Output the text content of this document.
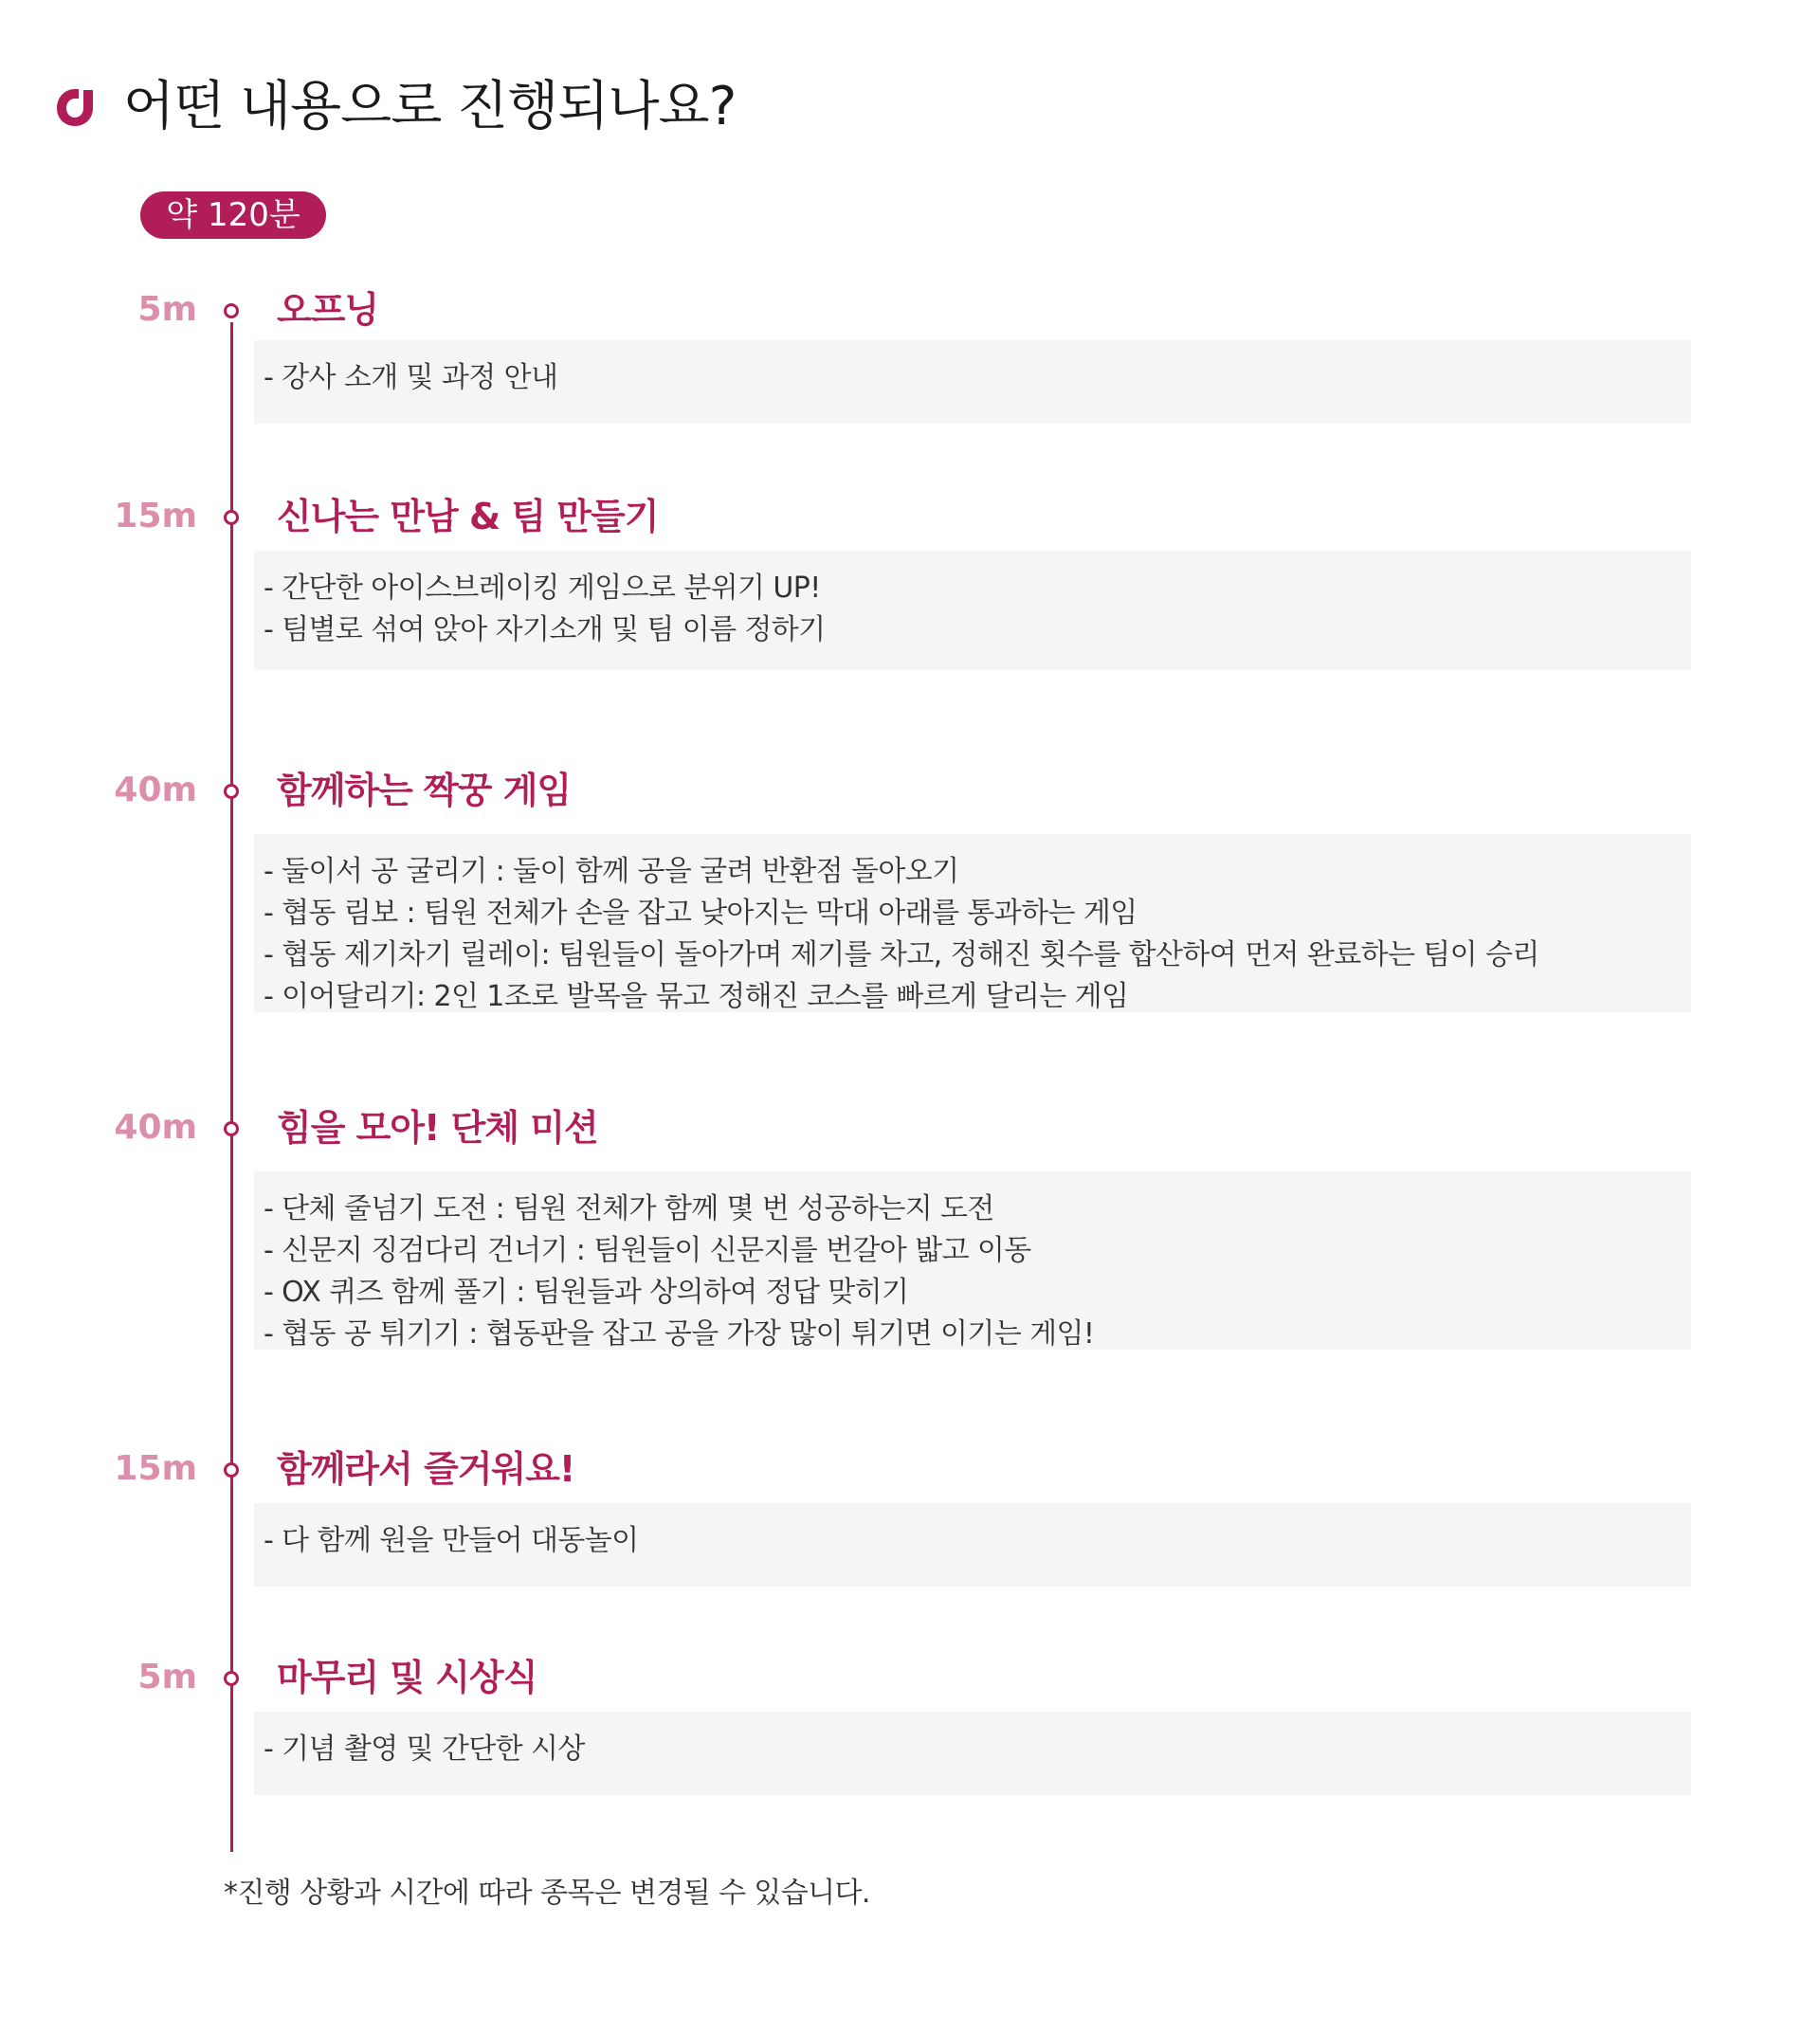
어떤 내용으로 진행되나요?
약 120분
5m 오프닝
- 강사 소개 및 과정 안내
15m 신나는 만남 & 팀 만들기
- 간단한 아이스브레이킹 게임으로 분위기 UP!
- 팀별로 섞여 앉아 자기소개 및 팀 이름 정하기
40m 함께하는 짝꿍 게임
- 둘이서 공 굴리기 : 둘이 함께 공을 굴려 반환점 돌아오기
- 협동 림보 : 팀원 전체가 손을 잡고 낮아지는 막대 아래를 통과하는 게임
- 협동 제기차기 릴레이: 팀원들이 돌아가며 제기를 차고, 정해진 횟수를 합산하여 먼저 완료하는 팀이 승리
- 이어달리기: 2인 1조로 발목을 묶고 정해진 코스를 빠르게 달리는 게임
40m 힘을 모아! 단체 미션
- 단체 줄넘기 도전 : 팀원 전체가 함께 몇 번 성공하는지 도전
- 신문지 징검다리 건너기 : 팀원들이 신문지를 번갈아 밟고 이동
- OX 퀴즈 함께 풀기 : 팀원들과 상의하여 정답 맞히기
- 협동 공 튀기기 : 협동판을 잡고 공을 가장 많이 튀기면 이기는 게임!
15m 함께라서 즐거워요!
- 다 함께 원을 만들어 대동놀이
5m 마무리 및 시상식
- 기념 촬영 및 간단한 시상
*진행 상황과 시간에 따라 종목은 변경될 수 있습니다.
